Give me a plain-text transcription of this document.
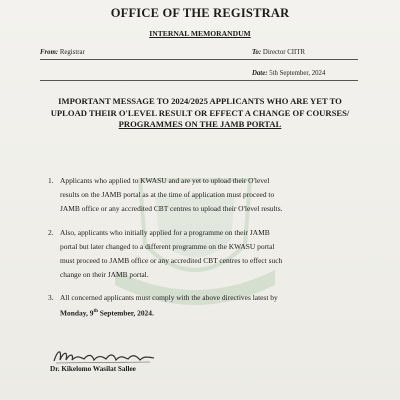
OFFICE OF THE REGISTRAR
INTERNAL MEMORANDUM
From: Registrar	To: Director CIITR
Date: 5th September, 2024
IMPORTANT MESSAGE TO 2024/2025 APPLICANTS WHO ARE YET TO
UPLOAD THEIR O'LEVEL RESULT OR EFFECT A CHANGE OF COURSES/
PROGRAMMES ON THE JAMB PORTAL
1. Applicants who applied to KWASU and are yet to upload their O'level
results on the JAMB portal as at the time of application must proceed to
JAMB office or any accredited CBT centres to upload their O'level results.
2. Also, applicants who initially applied for a programme on their JAMB
portal but later changed to a different programme on the KWASU portal
must proceed to JAMB office or any accredited CBT centres to effect such
change on their JAMB portal.
3. All concerned applicants must comply with the above directives latest by
Monday, 9th September, 2024.
Dr. Kikelomo Wasilat Sallee
